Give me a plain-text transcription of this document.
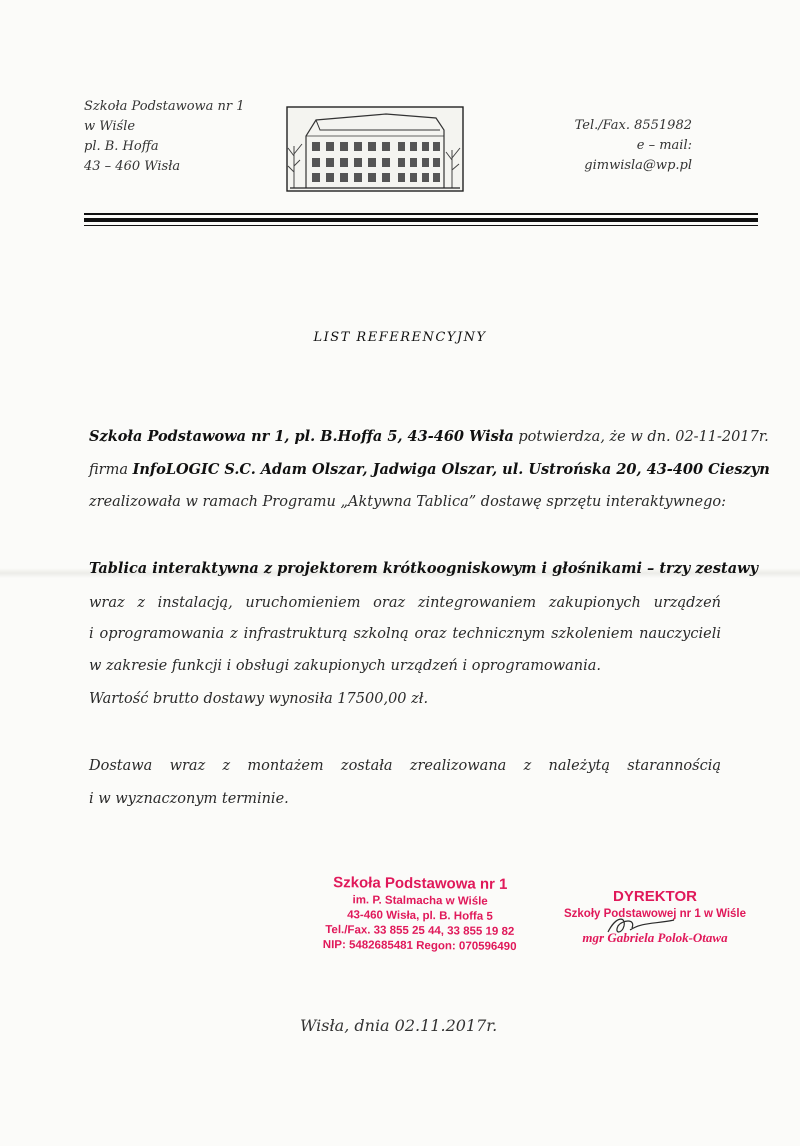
Szkoła Podstawowa nr 1
w Wiśle
pl. B. Hoffa
43 – 460 Wisła
Tel./Fax. 8551982
e – mail: gimwisla@wp.pl
LIST REFERENCYJNY
Szkoła Podstawowa nr 1, pl. B.Hoffa 5, 43-460 Wisła potwierdza, że w dn. 02-11-2017r.
firma InfoLOGIC S.C. Adam Olszar, Jadwiga Olszar, ul. Ustrońska 20, 43-400 Cieszyn
zrealizowała w ramach Programu „Aktywna Tablica” dostawę sprzętu interaktywnego:
Tablica interaktywna z projektorem krótkoogniskowym i głośnikami – trzy zestawy
wraz z instalacją, uruchomieniem oraz zintegrowaniem zakupionych urządzeń
i oprogramowania z infrastrukturą szkolną oraz technicznym szkoleniem nauczycieli
w zakresie funkcji i obsługi zakupionych urządzeń i oprogramowania.
Wartość brutto dostawy wynosiła 17500,00 zł.
Dostawa wraz z montażem została zrealizowana z należytą starannością
i w wyznaczonym terminie.
Szkoła Podstawowa nr 1
im. P. Stalmacha w Wiśle
43-460 Wisła, pl. B. Hoffa 5
Tel./Fax. 33 855 25 44, 33 855 19 82
NIP: 5482685481 Regon: 070596490
DYREKTOR
Szkoły Podstawowej nr 1 w Wiśle
mgr Gabriela Polok-Otawa
Wisła, dnia 02.11.2017r.
